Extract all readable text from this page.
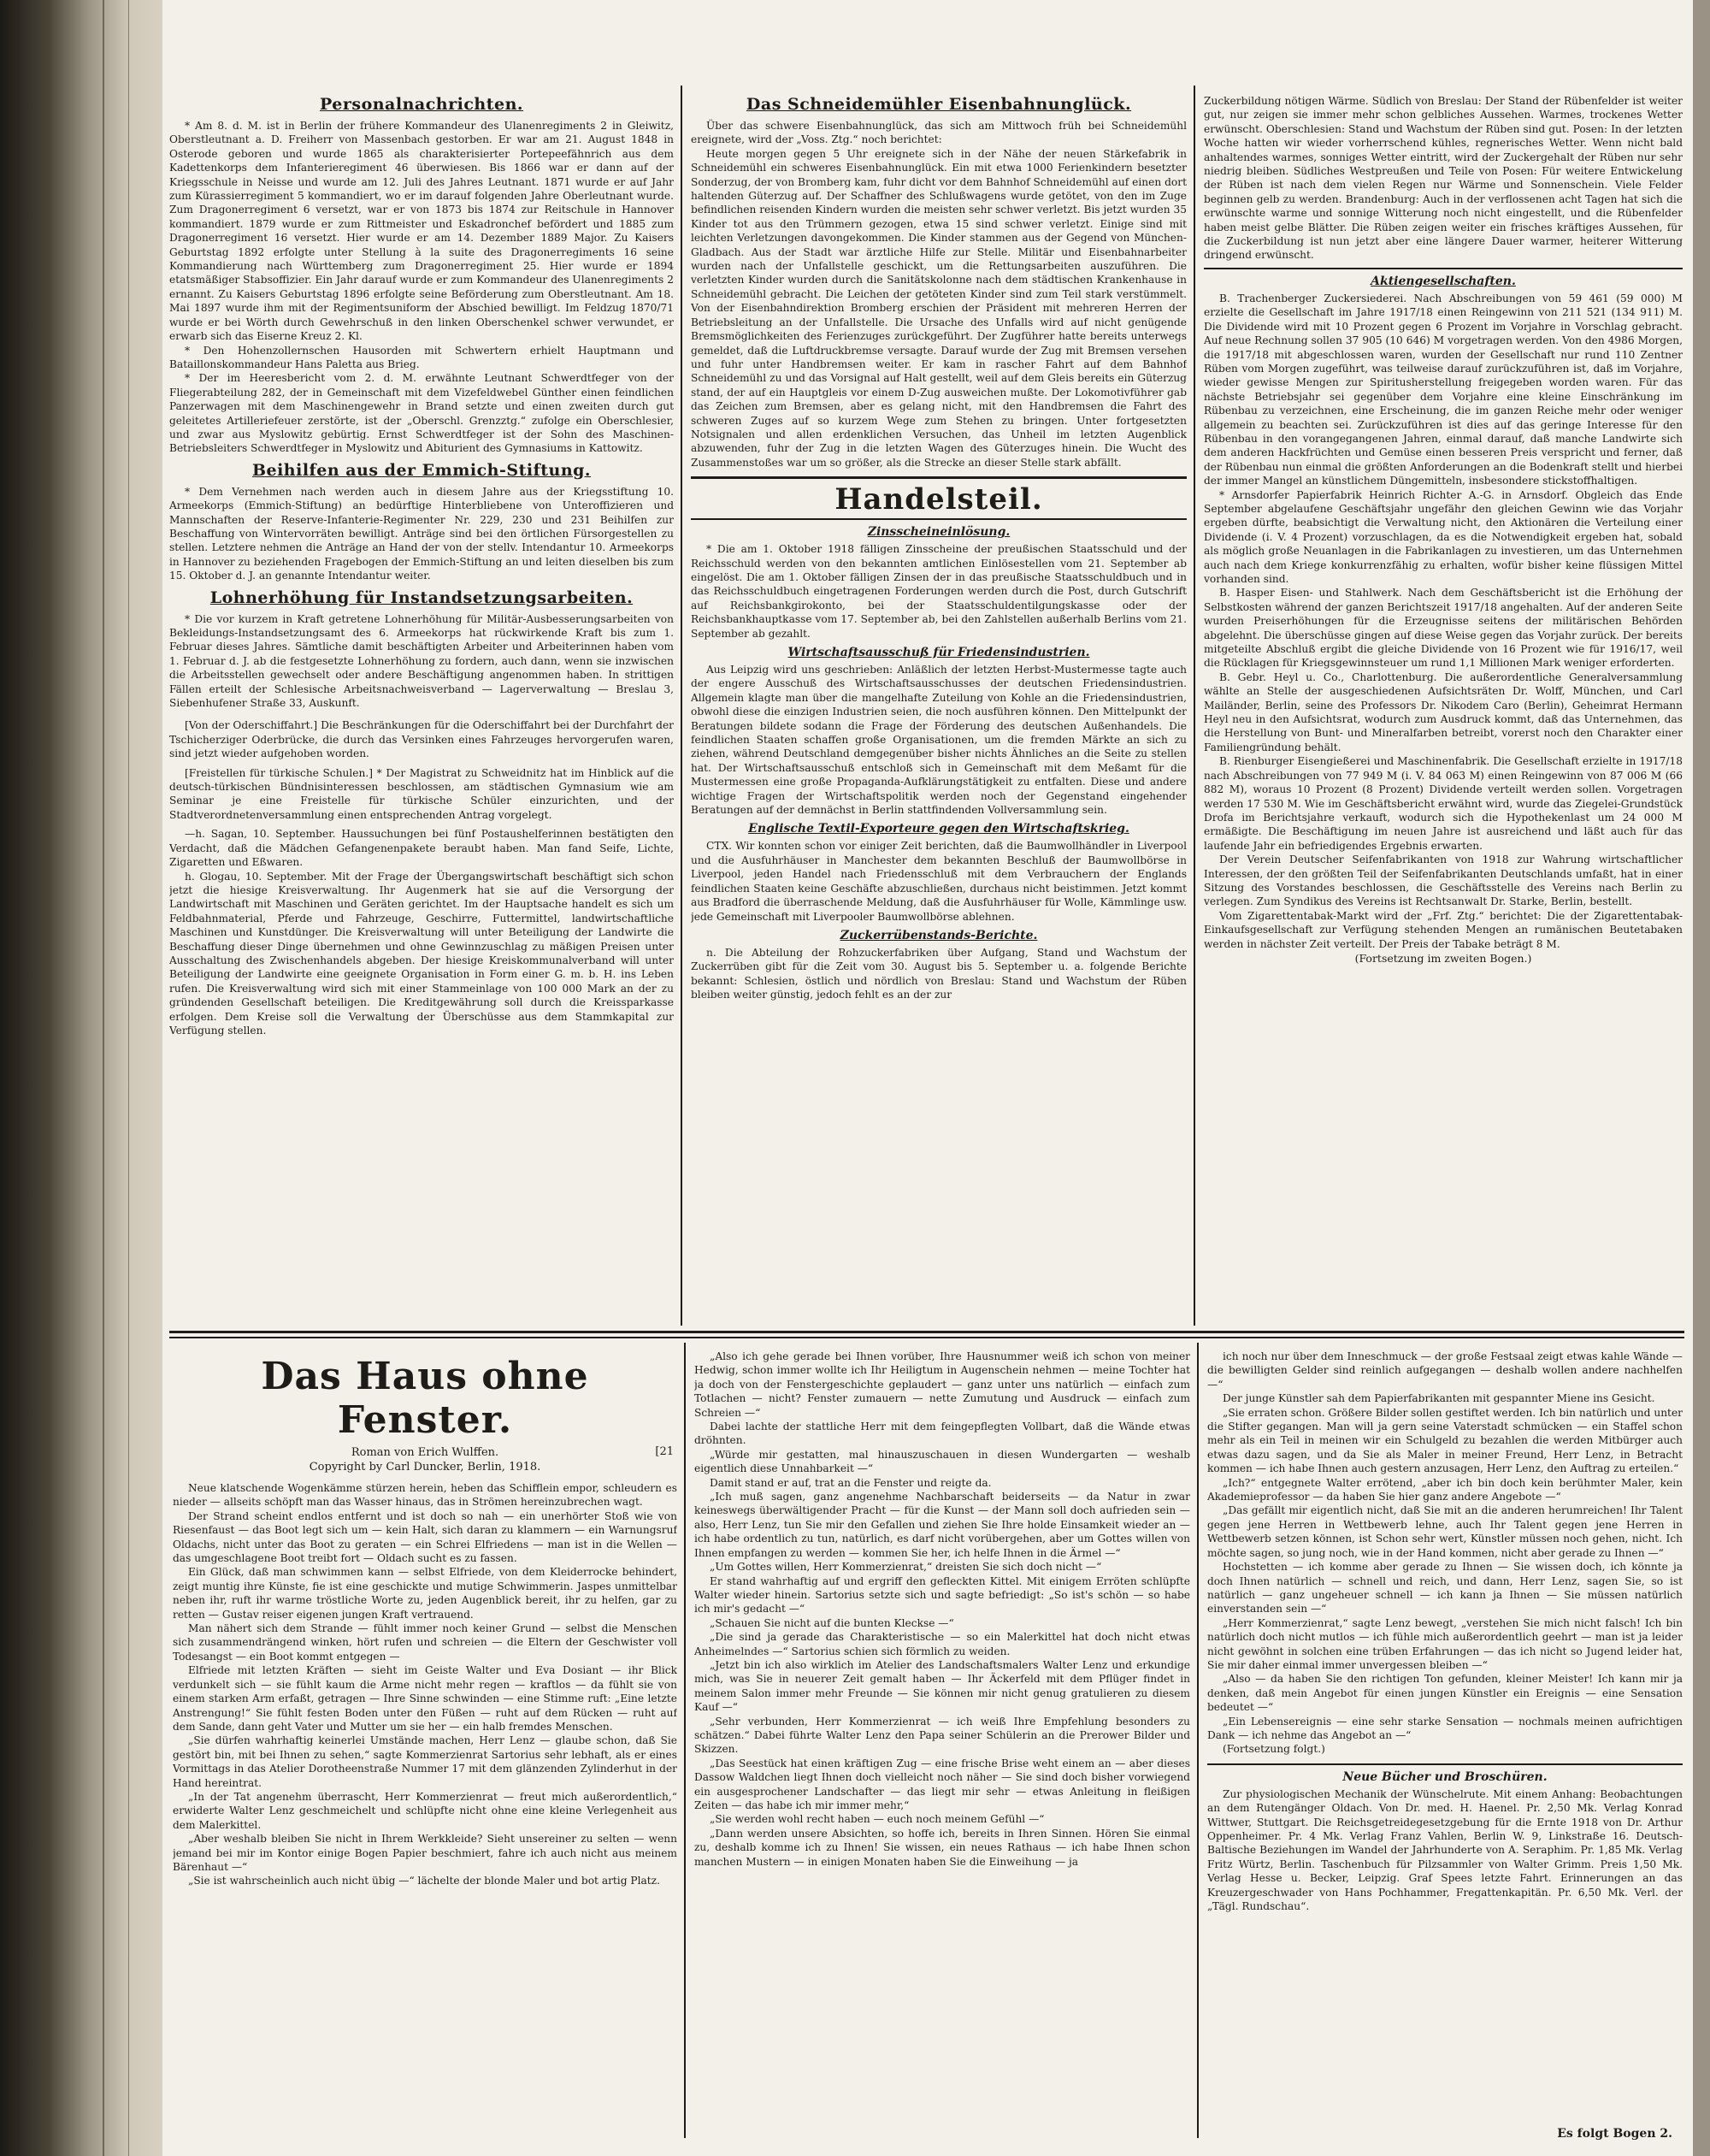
Personalnachrichten.

* Am 8. d. M. ist in Berlin der frühere Kommandeur des Ulanenregiments 2 in Gleiwitz, Oberstleutnant a. D. Freiherr von Massenbach gestorben. Er war am 21. August 1848 in Osterode geboren und wurde 1865 als charakterisierter Portepeefähnrich aus dem Kadettenkorps dem Infanterieregiment 46 überwiesen. Bis 1866 war er dann auf der Kriegsschule in Neisse und wurde am 12. Juli des Jahres Leutnant. 1871 wurde er auf Jahr zum Kürassierregiment 5 kommandiert, wo er im darauf folgenden Jahre Oberleutnant wurde. Zum Dragonerregiment 6 versetzt, war er von 1873 bis 1874 zur Reitschule in Hannover kommandiert. 1879 wurde er zum Rittmeister und Eskadronchef befördert und 1885 zum Dragonerregiment 16 versetzt. Hier wurde er am 14. Dezember 1889 Major. Zu Kaisers Geburtstag 1892 erfolgte unter Stellung à la suite des Dragonerregiments 16 seine Kommandierung nach Württemberg zum Dragonerregiment 25. Hier wurde er 1894 etatsmäßiger Stabsoffizier. Ein Jahr darauf wurde er zum Kommandeur des Ulanenregiments 2 ernannt. Zu Kaisers Geburtstag 1896 erfolgte seine Beförderung zum Oberstleutnant. Am 18. Mai 1897 wurde ihm mit der Regimentsuniform der Abschied bewilligt. Im Feldzug 1870/71 wurde er bei Wörth durch Gewehrschuß in den linken Oberschenkel schwer verwundet, er erwarb sich das Eiserne Kreuz 2. Kl.

* Den Hohenzollernschen Hausorden mit Schwertern erhielt Hauptmann und Bataillonskommandeur Hans Paletta aus Brieg.

* Der im Heeresbericht vom 2. d. M. erwähnte Leutnant Schwerdtfeger von der Fliegerabteilung 282, der in Gemeinschaft mit dem Vizefeldwebel Günther einen feindlichen Panzerwagen mit dem Maschinengewehr in Brand setzte und einen zweiten durch gut geleitetes Artilleriefeuer zerstörte, ist der „Oberschl. Grenzztg.“ zufolge ein Oberschlesier, und zwar aus Myslowitz gebürtig. Ernst Schwerdtfeger ist der Sohn des Maschinen-Betriebsleiters Schwerdtfeger in Myslowitz und Abiturient des Gymnasiums in Kattowitz.

Beihilfen aus der Emmich-Stiftung.

* Dem Vernehmen nach werden auch in diesem Jahre aus der Kriegsstiftung 10. Armeekorps (Emmich-Stiftung) an bedürftige Hinterbliebene von Unteroffizieren und Mannschaften der Reserve-Infanterie-Regimenter Nr. 229, 230 und 231 Beihilfen zur Beschaffung von Wintervorräten bewilligt. Anträge sind bei den örtlichen Fürsorgestellen zu stellen. Letztere nehmen die Anträge an Hand der von der stellv. Intendantur 10. Armeekorps in Hannover zu beziehenden Fragebogen der Emmich-Stiftung an und leiten dieselben bis zum 15. Oktober d. J. an genannte Intendantur weiter.

Lohnerhöhung für Instandsetzungsarbeiten.

* Die vor kurzem in Kraft getretene Lohnerhöhung für Militär-Ausbesserungsarbeiten von Bekleidungs-Instandsetzungsamt des 6. Armeekorps hat rückwirkende Kraft bis zum 1. Februar dieses Jahres. Sämtliche damit beschäftigten Arbeiter und Arbeiterinnen haben vom 1. Februar d. J. ab die festgesetzte Lohnerhöhung zu fordern, auch dann, wenn sie inzwischen die Arbeitsstellen gewechselt oder andere Beschäftigung angenommen haben. In strittigen Fällen erteilt der Schlesische Arbeitsnachweisverband — Lagerverwaltung — Breslau 3, Siebenhufener Straße 33, Auskunft.

[Von der Oderschiffahrt.] Die Beschränkungen für die Oderschiffahrt bei der Durchfahrt der Tschicherziger Oderbrücke, die durch das Versinken eines Fahrzeuges hervorgerufen waren, sind jetzt wieder aufgehoben worden.

[Freistellen für türkische Schulen.] * Der Magistrat zu Schweidnitz hat im Hinblick auf die deutsch-türkischen Bündnisinteressen beschlossen, am städtischen Gymnasium wie am Seminar je eine Freistelle für türkische Schüler einzurichten, und der Stadtverordnetenversammlung einen entsprechenden Antrag vorgelegt.

—h. Sagan, 10. September. Haussuchungen bei fünf Postaushelferinnen bestätigten den Verdacht, daß die Mädchen Gefangenenpakete beraubt haben. Man fand Seife, Lichte, Zigaretten und Eßwaren.

h. Glogau, 10. September. Mit der Frage der Übergangswirtschaft beschäftigt sich schon jetzt die hiesige Kreisverwaltung. Ihr Augenmerk hat sie auf die Versorgung der Landwirtschaft mit Maschinen und Geräten gerichtet. Im der Hauptsache handelt es sich um Feldbahnmaterial, Pferde und Fahrzeuge, Geschirre, Futtermittel, landwirtschaftliche Maschinen und Kunstdünger. Die Kreisverwaltung will unter Beteiligung der Landwirte die Beschaffung dieser Dinge übernehmen und ohne Gewinnzuschlag zu mäßigen Preisen unter Ausschaltung des Zwischenhandels abgeben. Der hiesige Kreiskommunalverband will unter Beteiligung der Landwirte eine geeignete Organisation in Form einer G. m. b. H. ins Leben rufen. Die Kreisverwaltung wird sich mit einer Stammeinlage von 100 000 Mark an der zu gründenden Gesellschaft beteiligen. Die Kreditgewährung soll durch die Kreissparkasse erfolgen. Dem Kreise soll die Verwaltung der Überschüsse aus dem Stammkapital zur Verfügung stellen.

Das Schneidemühler Eisenbahnunglück.

Über das schwere Eisenbahnunglück, das sich am Mittwoch früh bei Schneidemühl ereignete, wird der „Voss. Ztg.“ noch berichtet:

Heute morgen gegen 5 Uhr ereignete sich in der Nähe der neuen Stärkefabrik in Schneidemühl ein schweres Eisenbahnunglück. Ein mit etwa 1000 Ferienkindern besetzter Sonderzug, der von Bromberg kam, fuhr dicht vor dem Bahnhof Schneidemühl auf einen dort haltenden Güterzug auf. Der Schaffner des Schlußwagens wurde getötet, von den im Zuge befindlichen reisenden Kindern wurden die meisten sehr schwer verletzt. Bis jetzt wurden 35 Kinder tot aus den Trümmern gezogen, etwa 15 sind schwer verletzt. Einige sind mit leichten Verletzungen davongekommen. Die Kinder stammen aus der Gegend von München-Gladbach. Aus der Stadt war ärztliche Hilfe zur Stelle. Militär und Eisenbahnarbeiter wurden nach der Unfallstelle geschickt, um die Rettungsarbeiten auszuführen. Die verletzten Kinder wurden durch die Sanitätskolonne nach dem städtischen Krankenhause in Schneidemühl gebracht. Die Leichen der getöteten Kinder sind zum Teil stark verstümmelt. Von der Eisenbahndirektion Bromberg erschien der Präsident mit mehreren Herren der Betriebsleitung an der Unfallstelle. Die Ursache des Unfalls wird auf nicht genügende Bremsmöglichkeiten des Ferienzuges zurückgeführt. Der Zugführer hatte bereits unterwegs gemeldet, daß die Luftdruckbremse versagte. Darauf wurde der Zug mit Bremsen versehen und fuhr unter Handbremsen weiter. Er kam in rascher Fahrt auf dem Bahnhof Schneidemühl zu und das Vorsignal auf Halt gestellt, weil auf dem Gleis bereits ein Güterzug stand, der auf ein Hauptgleis vor einem D-Zug ausweichen mußte. Der Lokomotivführer gab das Zeichen zum Bremsen, aber es gelang nicht, mit den Handbremsen die Fahrt des schweren Zuges auf so kurzem Wege zum Stehen zu bringen. Unter fortgesetzten Notsignalen und allen erdenklichen Versuchen, das Unheil im letzten Augenblick abzuwenden, fuhr der Zug in die letzten Wagen des Güterzuges hinein. Die Wucht des Zusammenstoßes war um so größer, als die Strecke an dieser Stelle stark abfällt.

Handelsteil.
Zinsscheineinlösung.

* Die am 1. Oktober 1918 fälligen Zinsscheine der preußischen Staatsschuld und der Reichsschuld werden von den bekannten amtlichen Einlösestellen vom 21. September ab eingelöst. Die am 1. Oktober fälligen Zinsen der in das preußische Staatsschuldbuch und in das Reichsschuldbuch eingetragenen Forderungen werden durch die Post, durch Gutschrift auf Reichsbankgirokonto, bei der Staatsschuldentilgungskasse oder der Reichsbankhauptkasse vom 17. September ab, bei den Zahlstellen außerhalb Berlins vom 21. September ab gezahlt.

Wirtschaftsausschuß für Friedensindustrien.

Aus Leipzig wird uns geschrieben: Anläßlich der letzten Herbst-Mustermesse tagte auch der engere Ausschuß des Wirtschaftsausschusses der deutschen Friedensindustrien. Allgemein klagte man über die mangelhafte Zuteilung von Kohle an die Friedensindustrien, obwohl diese die einzigen Industrien seien, die noch ausführen können. Den Mittelpunkt der Beratungen bildete sodann die Frage der Förderung des deutschen Außenhandels. Die feindlichen Staaten schaffen große Organisationen, um die fremden Märkte an sich zu ziehen, während Deutschland demgegenüber bisher nichts Ähnliches an die Seite zu stellen hat. Der Wirtschaftsausschuß entschloß sich in Gemeinschaft mit dem Meßamt für die Mustermessen eine große Propaganda-Aufklärungstätigkeit zu entfalten. Diese und andere wichtige Fragen der Wirtschaftspolitik werden noch der Gegenstand eingehender Beratungen auf der demnächst in Berlin stattfindenden Vollversammlung sein.

Englische Textil-Exporteure gegen den Wirtschaftskrieg.

CTX. Wir konnten schon vor einiger Zeit berichten, daß die Baumwollhändler in Liverpool und die Ausfuhrhäuser in Manchester dem bekannten Beschluß der Baumwollbörse in Liverpool, jeden Handel nach Friedensschluß mit dem Verbrauchern der Englands feindlichen Staaten keine Geschäfte abzuschließen, durchaus nicht beistimmen. Jetzt kommt aus Bradford die überraschende Meldung, daß die Ausfuhrhäuser für Wolle, Kämmlinge usw. jede Gemeinschaft mit Liverpooler Baumwollbörse ablehnen.

Zuckerrübenstands-Berichte.

n. Die Abteilung der Rohzuckerfabriken über Aufgang, Stand und Wachstum der Zuckerrüben gibt für die Zeit vom 30. August bis 5. September u. a. folgende Berichte bekannt: Schlesien, östlich und nördlich von Breslau: Stand und Wachstum der Rüben bleiben weiter günstig, jedoch fehlt es an der zur

Zuckerbildung nötigen Wärme. Südlich von Breslau: Der Stand der Rübenfelder ist weiter gut, nur zeigen sie immer mehr schon gelbliches Aussehen. Warmes, trockenes Wetter erwünscht. Oberschlesien: Stand und Wachstum der Rüben sind gut. Posen: In der letzten Woche hatten wir wieder vorherrschend kühles, regnerisches Wetter. Wenn nicht bald anhaltendes warmes, sonniges Wetter eintritt, wird der Zuckergehalt der Rüben nur sehr niedrig bleiben. Südliches Westpreußen und Teile von Posen: Für weitere Entwickelung der Rüben ist nach dem vielen Regen nur Wärme und Sonnenschein. Viele Felder beginnen gelb zu werden. Brandenburg: Auch in der verflossenen acht Tagen hat sich die erwünschte warme und sonnige Witterung noch nicht eingestellt, und die Rübenfelder haben meist gelbe Blätter. Die Rüben zeigen weiter ein frisches kräftiges Aussehen, für die Zuckerbildung ist nun jetzt aber eine längere Dauer warmer, heiterer Witterung dringend erwünscht.

Aktiengesellschaften.

B. Trachenberger Zuckersiederei. Nach Abschreibungen von 59 461 (59 000) M erzielte die Gesellschaft im Jahre 1917/18 einen Reingewinn von 211 521 (134 911) M. Die Dividende wird mit 10 Prozent gegen 6 Prozent im Vorjahre in Vorschlag gebracht. Auf neue Rechnung sollen 37 905 (10 646) M vorgetragen werden. Von den 4986 Morgen, die 1917/18 mit abgeschlossen waren, wurden der Gesellschaft nur rund 110 Zentner Rüben vom Morgen zugeführt, was teilweise darauf zurückzuführen ist, daß im Vorjahre, wieder gewisse Mengen zur Spiritusherstellung freigegeben worden waren. Für das nächste Betriebsjahr sei gegenüber dem Vorjahre eine kleine Einschränkung im Rübenbau zu verzeichnen, eine Erscheinung, die im ganzen Reiche mehr oder weniger allgemein zu beachten sei. Zurückzuführen ist dies auf das geringe Interesse für den Rübenbau in den vorangegangenen Jahren, einmal darauf, daß manche Landwirte sich dem anderen Hackfrüchten und Gemüse einen besseren Preis verspricht und ferner, daß der Rübenbau nun einmal die größten Anforderungen an die Bodenkraft stellt und hierbei der immer Mangel an künstlichem Düngemitteln, insbesondere stickstoffhaltigen.

* Arnsdorfer Papierfabrik Heinrich Richter A.-G. in Arnsdorf. Obgleich das Ende September abgelaufene Geschäftsjahr ungefähr den gleichen Gewinn wie das Vorjahr ergeben dürfte, beabsichtigt die Verwaltung nicht, den Aktionären die Verteilung einer Dividende (i. V. 4 Prozent) vorzuschlagen, da es die Notwendigkeit ergeben hat, sobald als möglich große Neuanlagen in die Fabrikanlagen zu investieren, um das Unternehmen auch nach dem Kriege konkurrenzfähig zu erhalten, wofür bisher keine flüssigen Mittel vorhanden sind.

B. Hasper Eisen- und Stahlwerk. Nach dem Geschäftsbericht ist die Erhöhung der Selbstkosten während der ganzen Berichtszeit 1917/18 angehalten. Auf der anderen Seite wurden Preiserhöhungen für die Erzeugnisse seitens der militärischen Behörden abgelehnt. Die überschüsse gingen auf diese Weise gegen das Vorjahr zurück. Der bereits mitgeteilte Abschluß ergibt die gleiche Dividende von 16 Prozent wie für 1916/17, weil die Rücklagen für Kriegsgewinnsteuer um rund 1,1 Millionen Mark weniger erforderten.

B. Gebr. Heyl u. Co., Charlottenburg. Die außerordentliche Generalversammlung wählte an Stelle der ausgeschiedenen Aufsichtsräten Dr. Wolff, München, und Carl Mailänder, Berlin, seine des Professors Dr. Nikodem Caro (Berlin), Geheimrat Hermann Heyl neu in den Aufsichtsrat, wodurch zum Ausdruck kommt, daß das Unternehmen, das die Herstellung von Bunt- und Mineralfarben betreibt, vorerst noch den Charakter einer Familiengründung behält.

B. Rienburger Eisengießerei und Maschinenfabrik. Die Gesellschaft erzielte in 1917/18 nach Abschreibungen von 77 949 M (i. V. 84 063 M) einen Reingewinn von 87 006 M (66 882 M), woraus 10 Prozent (8 Prozent) Dividende verteilt werden sollen. Vorgetragen werden 17 530 M. Wie im Geschäftsbericht erwähnt wird, wurde das Ziegelei-Grundstück Drofa im Berichtsjahre verkauft, wodurch sich die Hypothekenlast um 24 000 M ermäßigte. Die Beschäftigung im neuen Jahre ist ausreichend und läßt auch für das laufende Jahr ein befriedigendes Ergebnis erwarten.

Der Verein Deutscher Seifenfabrikanten von 1918 zur Wahrung wirtschaftlicher Interessen, der den größten Teil der Seifenfabrikanten Deutschlands umfaßt, hat in einer Sitzung des Vorstandes beschlossen, die Geschäftsstelle des Vereins nach Berlin zu verlegen. Zum Syndikus des Vereins ist Rechtsanwalt Dr. Starke, Berlin, bestellt.

Vom Zigarettentabak-Markt wird der „Frf. Ztg.“ berichtet: Die der Zigarettentabak-Einkaufsgesellschaft zur Verfügung stehenden Mengen an rumänischen Beutetabaken werden in nächster Zeit verteilt. Der Preis der Tabake beträgt 8 M.

(Fortsetzung im zweiten Bogen.)

Das Haus ohne Fenster.

Roman von Erich Wulffen.	[21

Copyright by Carl Duncker, Berlin, 1918.

Neue klatschende Wogenkämme stürzen herein, heben das Schifflein empor, schleudern es nieder — allseits schöpft man das Wasser hinaus, das in Strömen hereinzubrechen wagt.

Der Strand scheint endlos entfernt und ist doch so nah — ein unerhörter Stoß wie von Riesenfaust — das Boot legt sich um — kein Halt, sich daran zu klammern — ein Warnungsruf Oldachs, nicht unter das Boot zu geraten — ein Schrei Elfriedens — man ist in die Wellen — das umgeschlagene Boot treibt fort — Oldach sucht es zu fassen.

Ein Glück, daß man schwimmen kann — selbst Elfriede, von dem Kleiderrocke behindert, zeigt muntig ihre Künste, fie ist eine geschickte und mutige Schwimmerin. Jaspes unmittelbar neben ihr, ruft ihr warme tröstliche Worte zu, jeden Augenblick bereit, ihr zu helfen, gar zu retten — Gustav reiser eigenen jungen Kraft vertrauend.

Man nähert sich dem Strande — fühlt immer noch keiner Grund — selbst die Menschen sich zusammendrängend winken, hört rufen und schreien — die Eltern der Geschwister voll Todesangst — ein Boot kommt entgegen —

Elfriede mit letzten Kräften — sieht im Geiste Walter und Eva Dosiant — ihr Blick verdunkelt sich — sie fühlt kaum die Arme nicht mehr regen — kraftlos — da fühlt sie von einem starken Arm erfaßt, getragen — Ihre Sinne schwinden — eine Stimme ruft: „Eine letzte Anstrengung!“ Sie fühlt festen Boden unter den Füßen — ruht auf dem Rücken — ruht auf dem Sande, dann geht Vater und Mutter um sie her — ein halb fremdes Menschen.

„Sie dürfen wahrhaftig keinerlei Umstände machen, Herr Lenz — glaube schon, daß Sie gestört bin, mit bei Ihnen zu sehen,“ sagte Kommerzienrat Sartorius sehr lebhaft, als er eines Vormittags in das Atelier Dorotheenstraße Nummer 17 mit dem glänzenden Zylinderhut in der Hand hereintrat.

„In der Tat angenehm überrascht, Herr Kommerzienrat — freut mich außerordentlich,“ erwiderte Walter Lenz geschmeichelt und schlüpfte nicht ohne eine kleine Verlegenheit aus dem Malerkittel.

„Aber weshalb bleiben Sie nicht in Ihrem Werkkleide? Sieht unsereiner zu selten — wenn jemand bei mir im Kontor einige Bogen Papier beschmiert, fahre ich auch nicht aus meinem Bärenhaut —“

„Sie ist wahrscheinlich auch nicht übig —“ lächelte der blonde Maler und bot artig Platz.

„Also ich gehe gerade bei Ihnen vorüber, Ihre Hausnummer weiß ich schon von meiner Hedwig, schon immer wollte ich Ihr Heiligtum in Augenschein nehmen — meine Tochter hat ja doch von der Fenstergeschichte geplaudert — ganz unter uns natürlich — einfach zum Totlachen — nicht? Fenster zumauern — nette Zumutung und Ausdruck — einfach zum Schreien —“

Dabei lachte der stattliche Herr mit dem feingepflegten Vollbart, daß die Wände etwas dröhnten.

„Würde mir gestatten, mal hinauszuschauen in diesen Wundergarten — weshalb eigentlich diese Unnahbarkeit —“

Damit stand er auf, trat an die Fenster und reigte da.

„Ich muß sagen, ganz angenehme Nachbarschaft beiderseits — da Natur in zwar keineswegs überwältigender Pracht — für die Kunst — der Mann soll doch aufrieden sein — also, Herr Lenz, tun Sie mir den Gefallen und ziehen Sie Ihre holde Einsamkeit wieder an — ich habe ordentlich zu tun, natürlich, es darf nicht vorübergehen, aber um Gottes willen von Ihnen empfangen zu werden — kommen Sie her, ich helfe Ihnen in die Ärmel —“

„Um Gottes willen, Herr Kommerzienrat,“ dreisten Sie sich doch nicht —“

Er stand wahrhaftig auf und ergriff den gefleckten Kittel. Mit einigem Erröten schlüpfte Walter wieder hinein. Sartorius setzte sich und sagte befriedigt: „So ist's schön — so habe ich mir's gedacht —“

„Schauen Sie nicht auf die bunten Kleckse —“

„Die sind ja gerade das Charakteristische — so ein Malerkittel hat doch nicht etwas Anheimelndes —“ Sartorius schien sich förmlich zu weiden.

„Jetzt bin ich also wirklich im Atelier des Landschaftsmalers Walter Lenz und erkundige mich, was Sie in neuerer Zeit gemalt haben — Ihr Äckerfeld mit dem Pflüger findet in meinem Salon immer mehr Freunde — Sie können mir nicht genug gratulieren zu diesem Kauf —“

„Sehr verbunden, Herr Kommerzienrat — ich weiß Ihre Empfehlung besonders zu schätzen.“ Dabei führte Walter Lenz den Papa seiner Schülerin an die Prerower Bilder und Skizzen.

„Das Seestück hat einen kräftigen Zug — eine frische Brise weht einem an — aber dieses Dassow Waldchen liegt Ihnen doch vielleicht noch näher — Sie sind doch bisher vorwiegend ein ausgesprochener Landschafter — das liegt mir sehr — etwas Anleitung in fleißigen Zeiten — das habe ich mir immer mehr,“

„Sie werden wohl recht haben — euch noch meinem Gefühl —“

„Dann werden unsere Absichten, so hoffe ich, bereits in Ihren Sinnen. Hören Sie einmal zu, deshalb komme ich zu Ihnen! Sie wissen, ein neues Rathaus — ich habe Ihnen schon manchen Mustern — in einigen Monaten haben Sie die Einweihung — ja

ich noch nur über dem Inneschmuck — der große Festsaal zeigt etwas kahle Wände — die bewilligten Gelder sind reinlich aufgegangen — deshalb wollen andere nachhelfen —“

Der junge Künstler sah dem Papierfabrikanten mit gespannter Miene ins Gesicht.

„Sie erraten schon. Größere Bilder sollen gestiftet werden. Ich bin natürlich und unter die Stifter gegangen. Man will ja gern seine Vaterstadt schmücken — ein Staffel schon mehr als ein Teil in meinen wir ein Schulgeld zu bezahlen die werden Mitbürger auch etwas dazu sagen, und da Sie als Maler in meiner Freund, Herr Lenz, in Betracht kommen — ich habe Ihnen auch gestern anzusagen, Herr Lenz, den Auftrag zu erteilen.“

„Ich?“ entgegnete Walter errötend, „aber ich bin doch kein berühmter Maler, kein Akademieprofessor — da haben Sie hier ganz andere Angebote —“

„Das gefällt mir eigentlich nicht, daß Sie mit an die anderen herumreichen! Ihr Talent gegen jene Herren in Wettbewerb lehne, auch Ihr Talent gegen jene Herren in Wettbewerb setzen können, ist Schon sehr wert, Künstler müssen noch gehen, nicht. Ich möchte sagen, so jung noch, wie in der Hand kommen, nicht aber gerade zu Ihnen —“

Hochstetten — ich komme aber gerade zu Ihnen — Sie wissen doch, ich könnte ja doch Ihnen natürlich — schnell und reich, und dann, Herr Lenz, sagen Sie, so ist natürlich — ganz ungeheuer schnell — ich kann ja Ihnen — Sie müssen natürlich einverstanden sein —“

„Herr Kommerzienrat,“ sagte Lenz bewegt, „verstehen Sie mich nicht falsch! Ich bin natürlich doch nicht mutlos — ich fühle mich außerordentlich geehrt — man ist ja leider nicht gewöhnt in solchen eine trüben Erfahrungen — das ich nicht so Jugend leider hat, Sie mir daher einmal immer unvergessen bleiben —“

„Also — da haben Sie den richtigen Ton gefunden, kleiner Meister! Ich kann mir ja denken, daß mein Angebot für einen jungen Künstler ein Ereignis — eine Sensation bedeutet —“

„Ein Lebensereignis — eine sehr starke Sensation — nochmals meinen aufrichtigen Dank — ich nehme das Angebot an —“

(Fortsetzung folgt.)

Neue Bücher und Broschüren.

Zur physiologischen Mechanik der Wünschelrute. Mit einem Anhang: Beobachtungen an dem Rutengänger Oldach. Von Dr. med. H. Haenel. Pr. 2,50 Mk. Verlag Konrad Wittwer, Stuttgart. Die Reichsgetreidegesetzgebung für die Ernte 1918 von Dr. Arthur Oppenheimer. Pr. 4 Mk. Verlag Franz Vahlen, Berlin W. 9, Linkstraße 16. Deutsch-Baltische Beziehungen im Wandel der Jahrhunderte von A. Seraphim. Pr. 1,85 Mk. Verlag Fritz Würtz, Berlin. Taschenbuch für Pilzsammler von Walter Grimm. Preis 1,50 Mk. Verlag Hesse u. Becker, Leipzig. Graf Spees letzte Fahrt. Erinnerungen an das Kreuzergeschwader von Hans Pochhammer, Fregattenkapitän. Pr. 6,50 Mk. Verl. der „Tägl. Rundschau“.

Es folgt Bogen 2.
